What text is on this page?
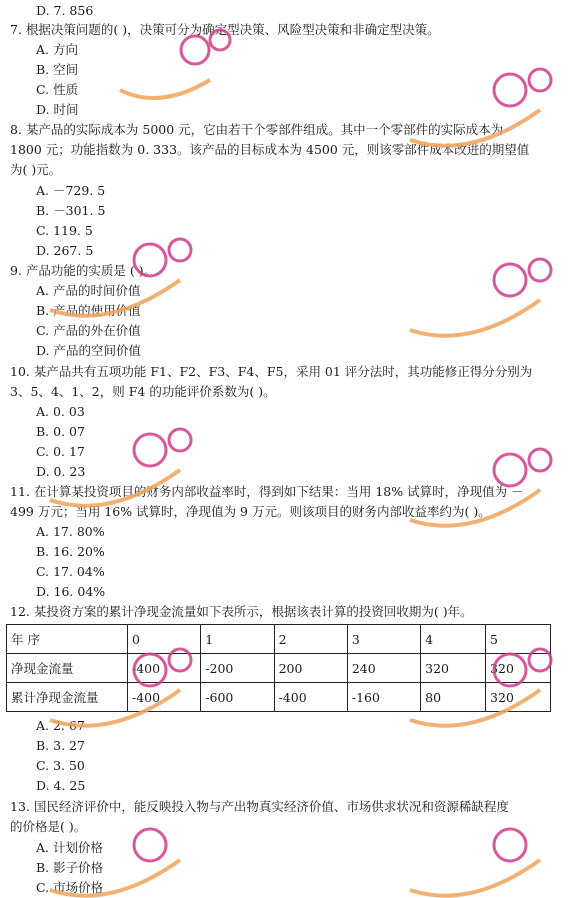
D. 7. 856
7. 根据决策问题的( )，决策可分为确定型决策、风险型决策和非确定型决策。
A. 方向
B. 空间
C. 性质
D. 时间
8. 某产品的实际成本为 5000 元，它由若干个零部件组成。其中一个零部件的实际成本为
1800 元；功能指数为 0. 333。该产品的目标成本为 4500 元，则该零部件成本改进的期望值
为( )元。
A. －729. 5
B. －301. 5
C. 119. 5
D. 267. 5
9. 产品功能的实质是 ( )。
A. 产品的时间价值
B. 产品的使用价值
C. 产品的外在价值
D. 产品的空间价值
10. 某产品共有五项功能 F1、F2、F3、F4、F5，采用 01 评分法时，其功能修正得分分别为
3、5、4、1、2，则 F4 的功能评价系数为( )。
A. 0. 03
B. 0. 07
C. 0. 17
D. 0. 23
11. 在计算某投资项目的财务内部收益率时，得到如下结果：当用 18% 试算时，净现值为 －
499 万元；当用 16% 试算时，净现值为 9 万元。则该项目的财务内部收益率约为( )。
A. 17. 80%
B. 16. 20%
C. 17. 04%
D. 16. 04%
12. 某投资方案的累计净现金流量如下表所示，根据该表计算的投资回收期为( )年。
A. 2. 67
B. 3. 27
C. 3. 50
D. 4. 25
13. 国民经济评价中，能反映投入物与产出物真实经济价值、市场供求状况和资源稀缺程度
的价格是( )。
A. 计划价格
B. 影子价格
C. 市场价格
年 序	0	1	2	3	4	5
净现金流量	-400	-200	200	240	320	320
累计净现金流量	-400	-600	-400	-160	80	320
